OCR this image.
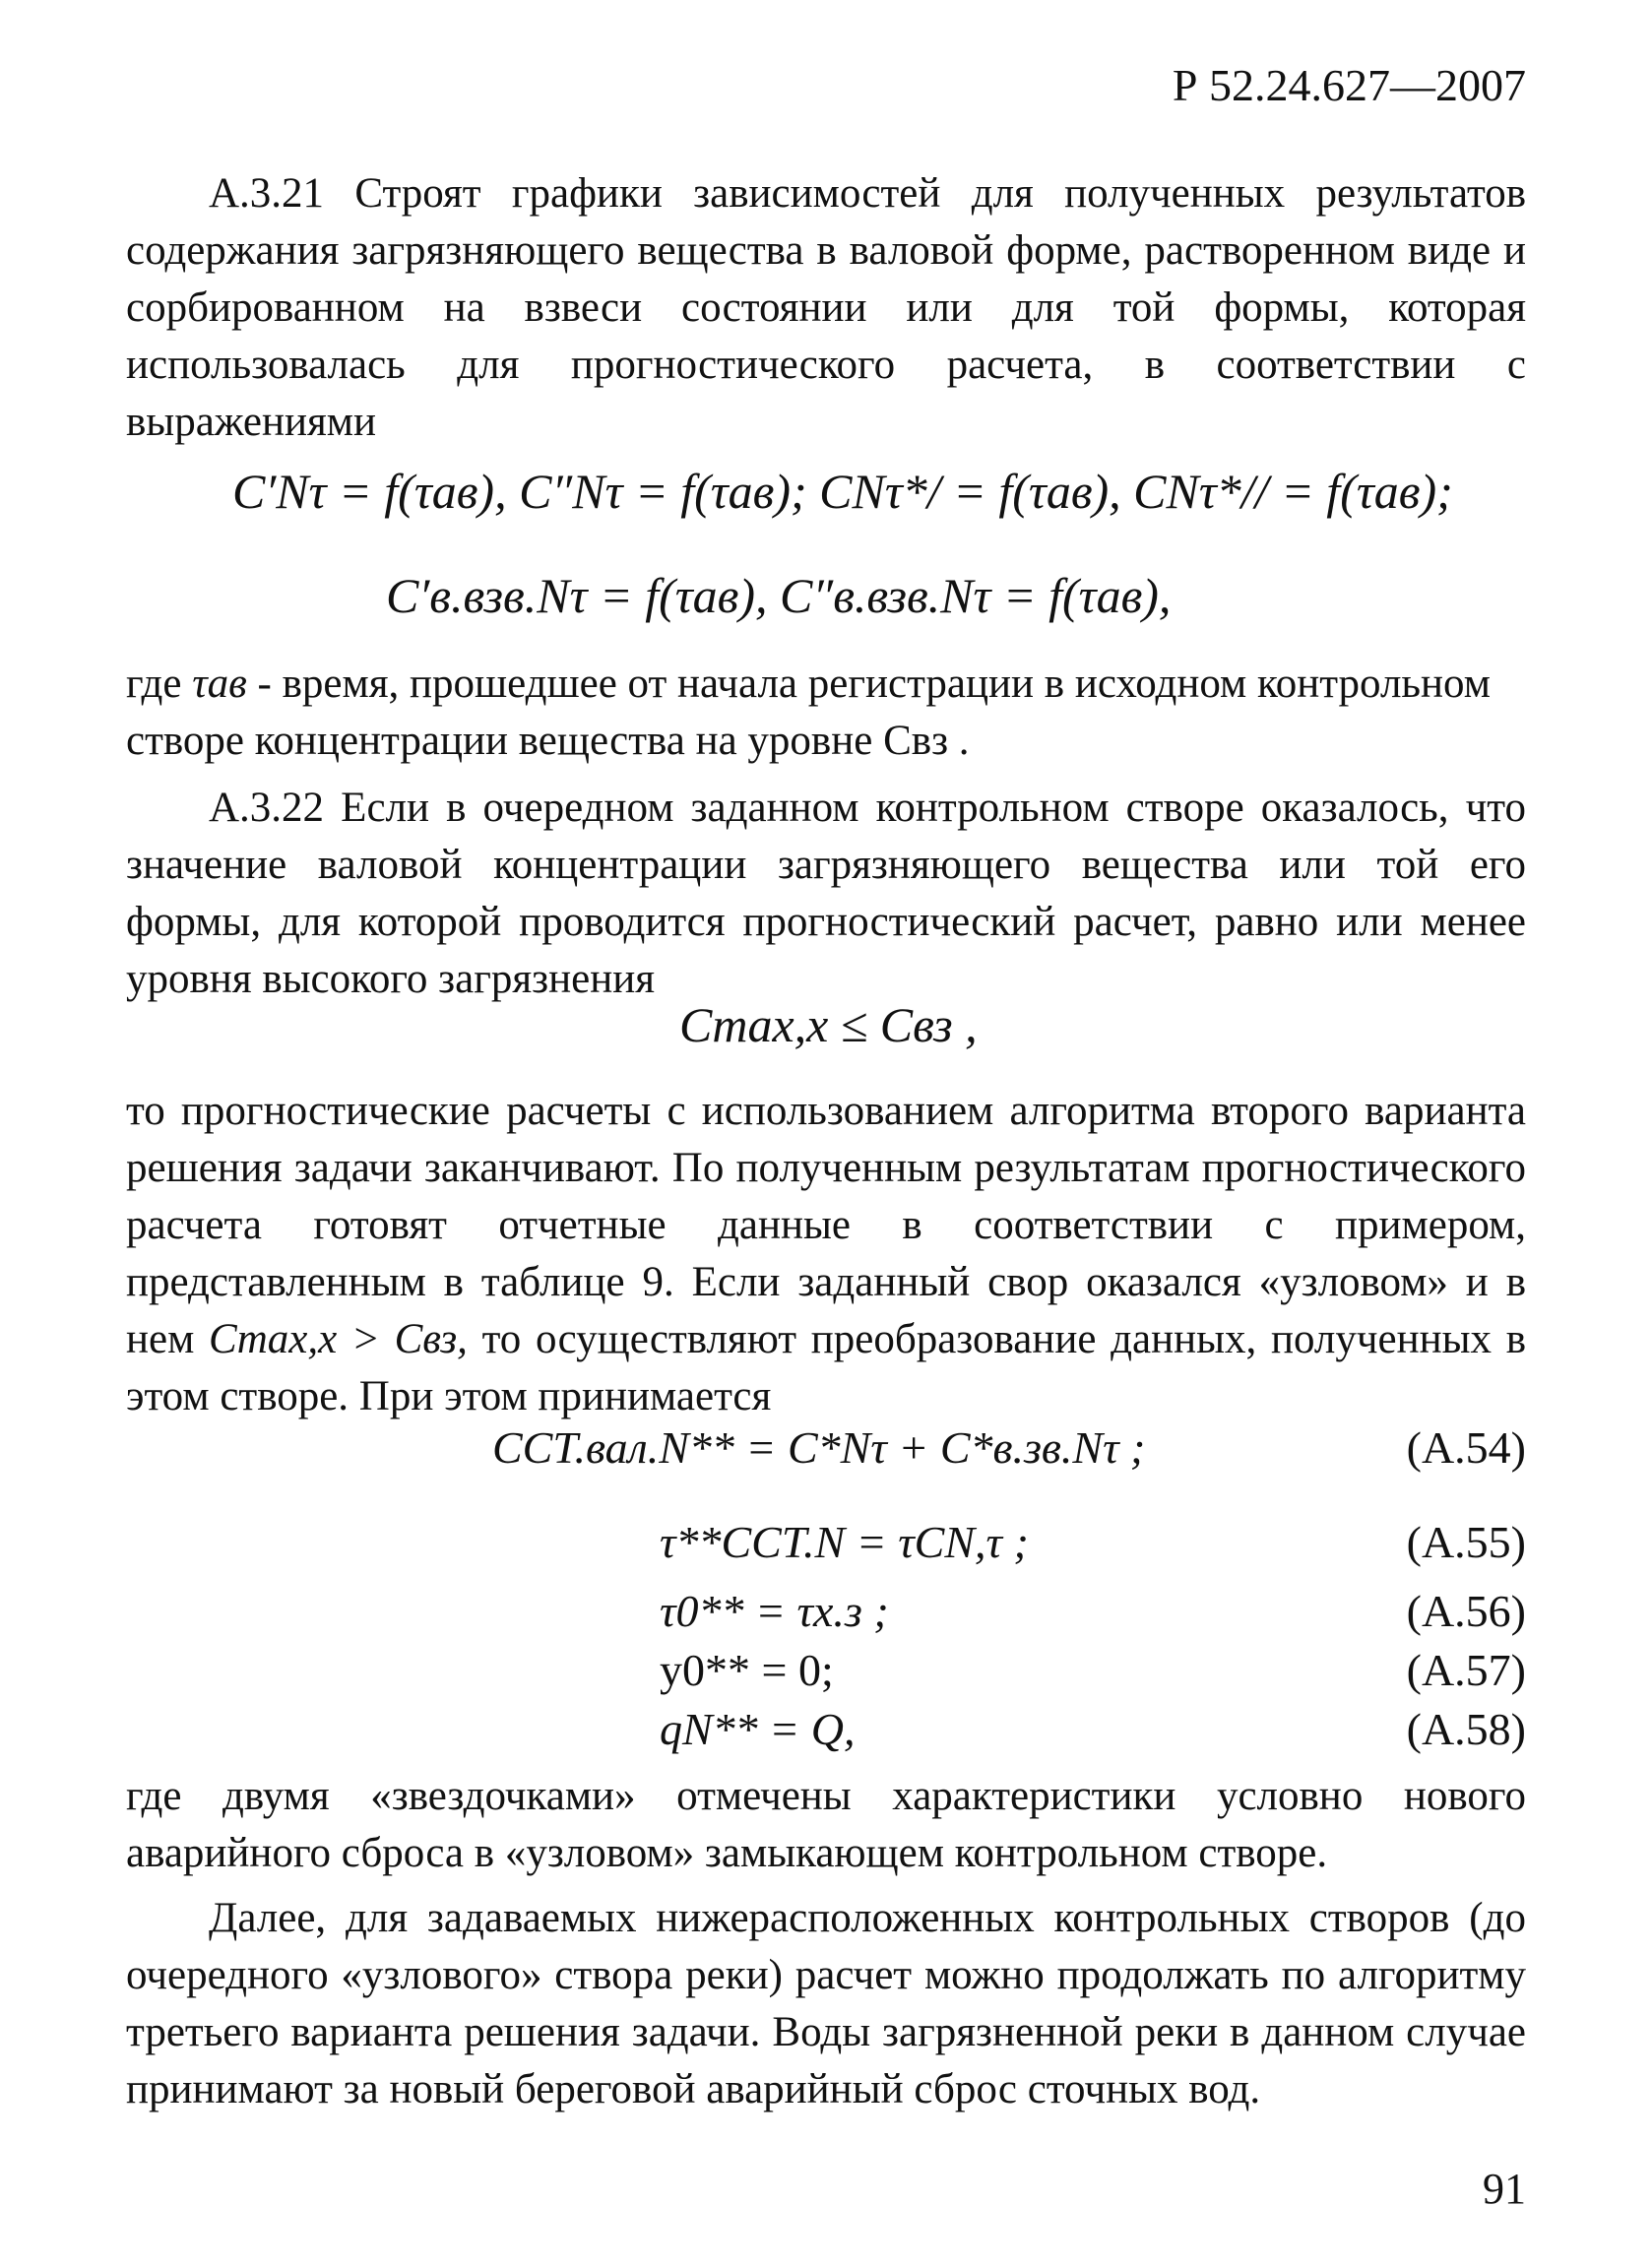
Р 52.24.627—2007

А.3.21 Строят графики зависимостей для полученных результатов содержания загрязняющего вещества в валовой форме, растворенном виде и сорбированном на взвеси состоянии или для той формы, которая использовалась для прогностического расчета, в соответствии с выражениями

C′Nτ = f(τав), C″Nτ = f(τав); CNτ*/ = f(τав), CNτ*// = f(τав);
C′в.взв.Nτ = f(τав), C″в.взв.Nτ = f(τав),
где τав - время, прошедшее от начала регистрации в исходном контрольном створе концентрации вещества на уровне Свз .

А.3.22 Если в очередном заданном контрольном створе оказалось, что значение валовой концентрации загрязняющего вещества или той его формы, для которой проводится прогностический расчет, равно или менее уровня высокого загрязнения

Cmax,x ≤ Cвз ,

то прогностические расчеты с использованием алгоритма второго варианта решения задачи заканчивают. По полученным результатам прогностического расчета готовят отчетные данные в соответствии с примером, представленным в таблице 9. Если заданный свор оказался «узловом» и в нем Cmax,x > Cвз, то осуществляют преобразование данных, полученных в этом створе. При этом принимается

CCT.вал.N** = C*Nτ + C*в.зв.Nτ ;	(А.54)
τ**CCT.N = τCN,τ ;	(А.55)
τ0** = τх.з ;	(А.56)
y0** = 0;	(А.57)
qN** = Q,	(А.58)

где двумя «звездочками» отмечены характеристики условно нового аварийного сброса в «узловом» замыкающем контрольном створе.

Далее, для задаваемых нижерасположенных контрольных створов (до очередного «узлового» створа реки) расчет можно продолжать по алгоритму третьего варианта решения задачи. Воды загрязненной реки в данном случае принимают за новый береговой аварийный сброс сточных вод.

91
